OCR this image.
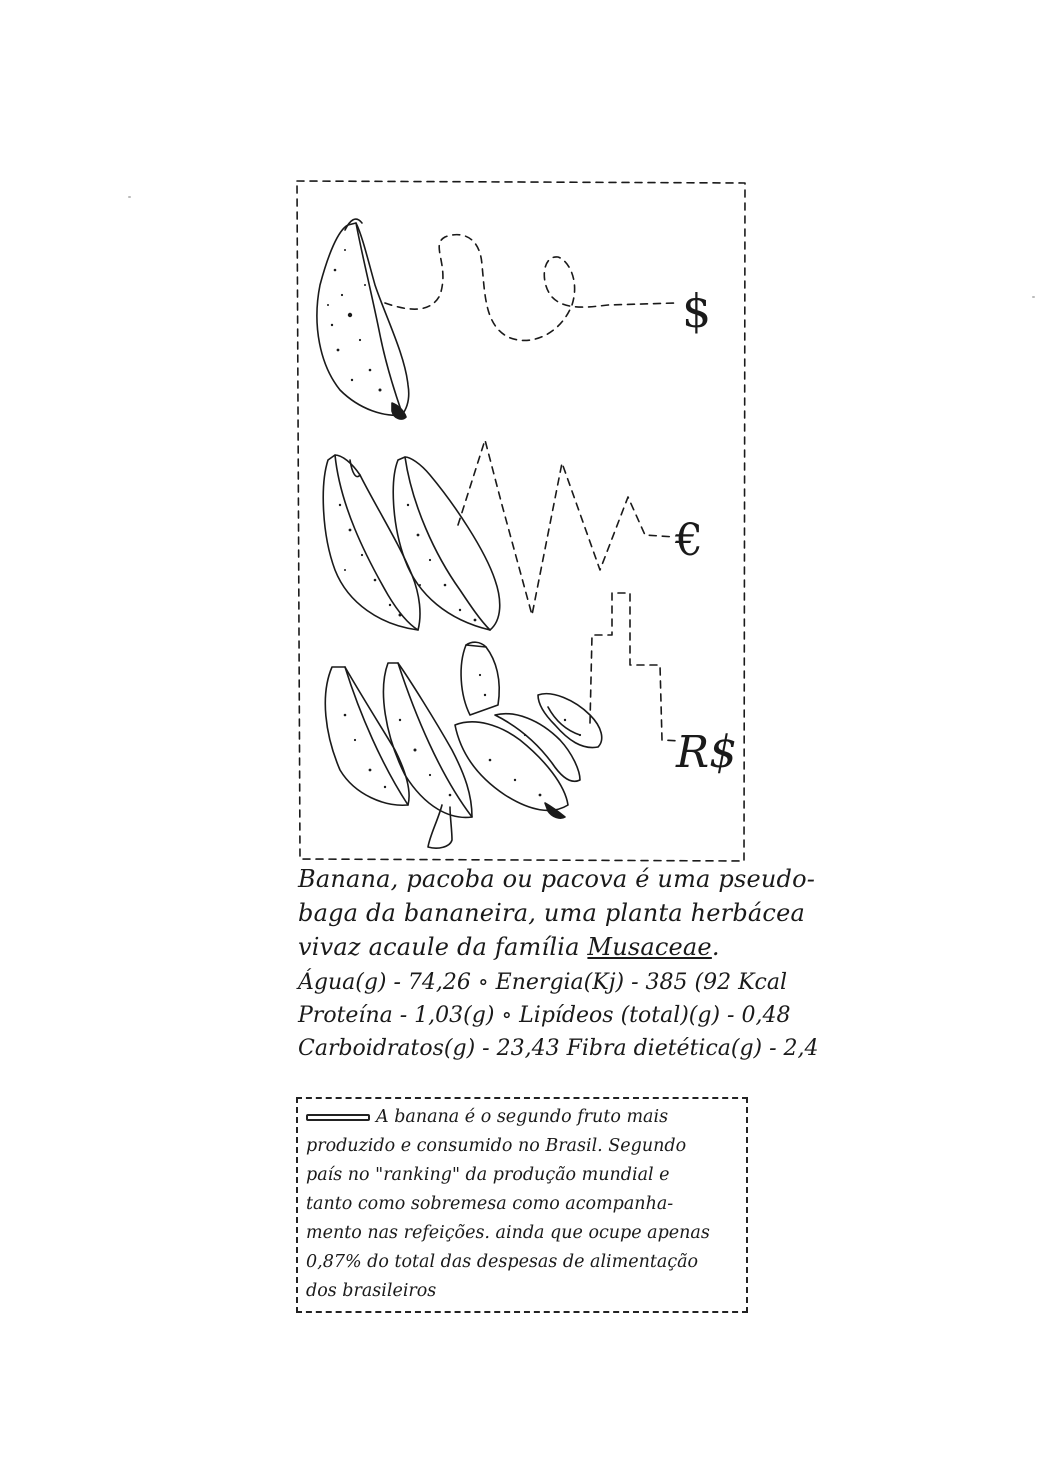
$
€
R$

Banana, pacoba ou pacova é uma pseudo-
baga da bananeira, uma planta herbácea
vivaz acaule da família Musaceae.

Água(g) - 74,26 ∘ Energia(Kj) - 385 (92 Kcal
Proteína - 1,03(g) ∘ Lipídeos (total)(g) - 0,48
Carboidratos(g) - 23,43 Fibra dietética(g) - 2,4

A banana é o segundo fruto mais
produzido e consumido no Brasil. Segundo
país no "ranking" da produção mundial e
tanto como sobremesa como acompanha-
mento nas refeições. ainda que ocupe apenas
0,87% do total das despesas de alimentação
dos brasileiros
